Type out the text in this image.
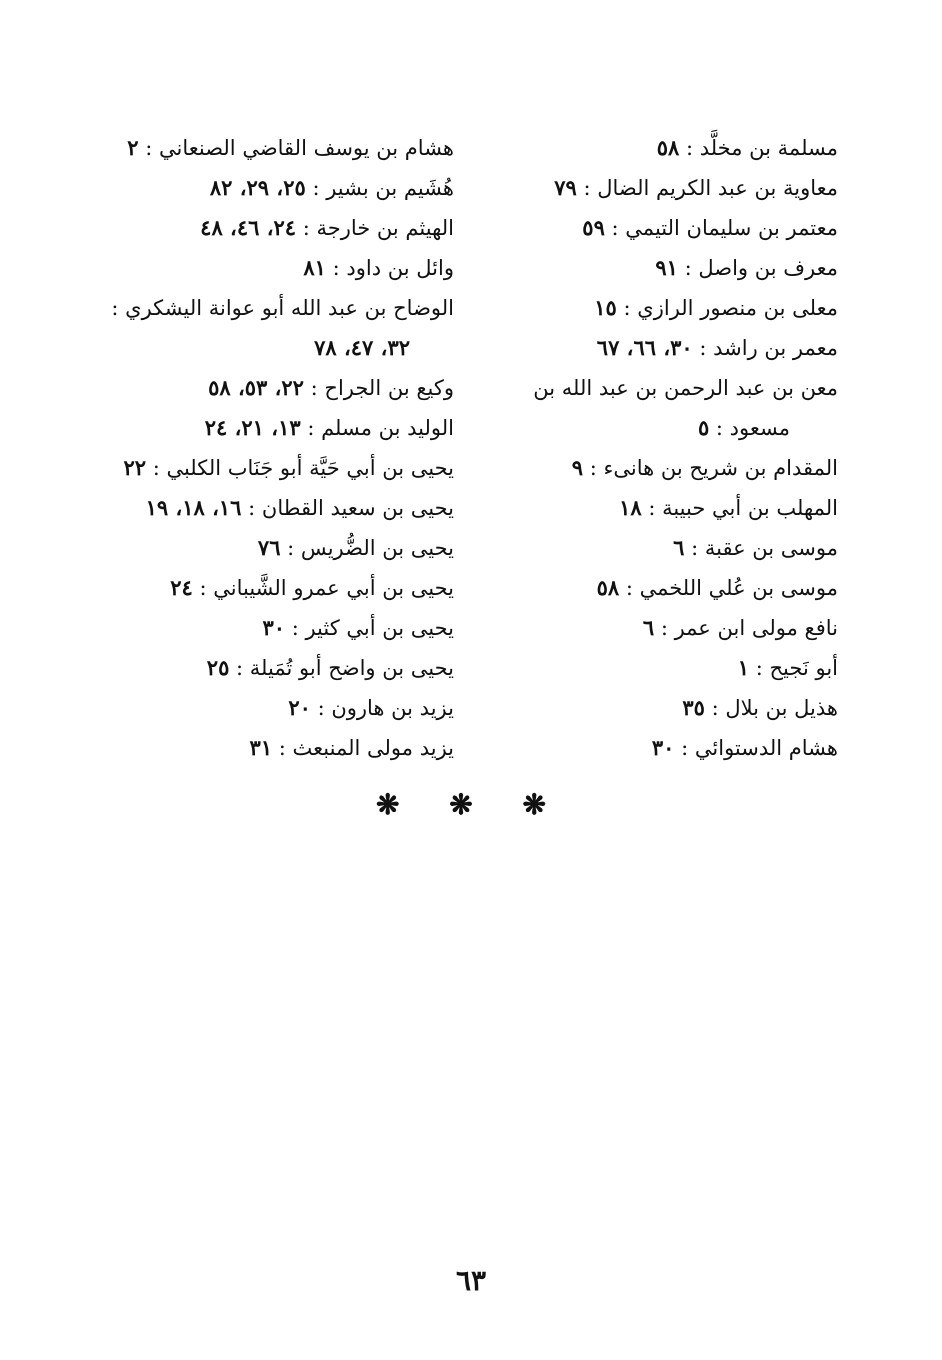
مسلمة بن مخلَّد : ٥٨
معاوية بن عبد الكريم الضال : ٧٩
معتمر بن سليمان التيمي : ٥٩
معرف بن واصل : ٩١
معلى بن منصور الرازي : ١٥
معمر بن راشد : ٣٠، ٦٦، ٦٧
معن بن عبد الرحمن بن عبد الله بن
مسعود : ٥
المقدام بن شريح بن هانىء : ٩
المهلب بن أبي حبيبة : ١٨
موسى بن عقبة : ٦
موسى بن عُلي اللخمي : ٥٨
نافع مولى ابن عمر : ٦
أبو نَجيح : ١
هذيل بن بلال : ٣٥
هشام الدستوائي : ٣٠
هشام بن يوسف القاضي الصنعاني : ٢
هُشَيم بن بشير : ٢٥، ٢٩، ٨٢
الهيثم بن خارجة : ٢٤، ٤٦، ٤٨
وائل بن داود : ٨١
الوضاح بن عبد الله أبو عوانة اليشكري :
٣٢، ٤٧، ٧٨
وكيع بن الجراح : ٢٢، ٥٣، ٥٨
الوليد بن مسلم : ١٣، ٢١، ٢٤
يحيى بن أبي حَيَّة أبو جَنَاب الكلبي : ٢٢
يحيى بن سعيد القطان : ١٦، ١٨، ١٩
يحيى بن الضُّريس : ٧٦
يحيى بن أبي عمرو الشَّيباني : ٢٤
يحيى بن أبي كثير : ٣٠
يحيى بن واضح أبو تُمَيلة : ٢٥
يزيد بن هارون : ٢٠
يزيد مولى المنبعث : ٣١
❋ ❋ ❋
٦٣
